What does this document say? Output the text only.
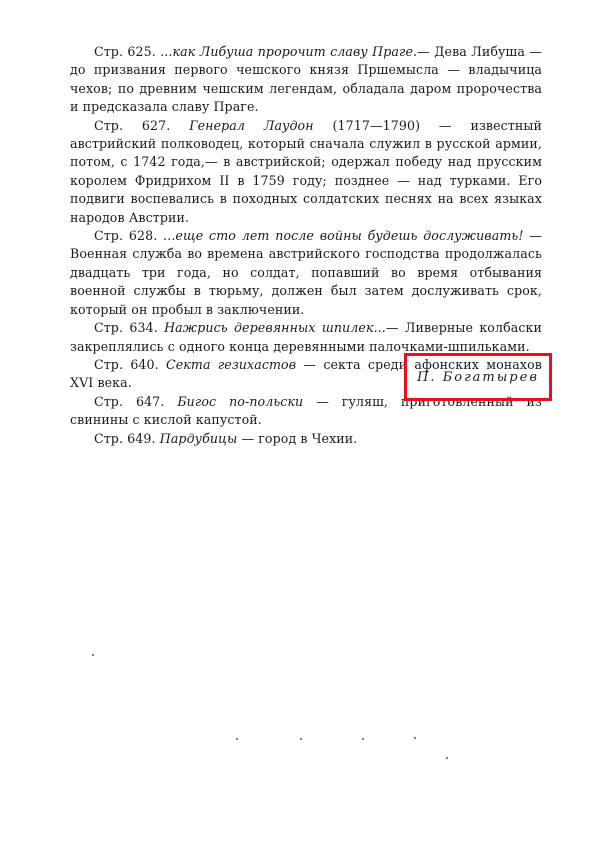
Стр. 625. ...как Либуша пророчит славу Праге.— Дева Либуша — до призвания первого чешского князя Пршемысла — владычица чехов; по древним чешским легендам, обладала даром пророчества и предсказала славу Праге.

Стр. 627. Генерал Лаудон (1717—1790) — известный австрийский полководец, который сначала служил в русской армии, потом, с 1742 года,— в австрийской; одержал победу над прусским королем Фридрихом II в 1759 году; позднее — над турками. Его подвиги воспевались в походных солдатских песнях на всех языках народов Австрии.

Стр. 628. ...еще сто лет после войны будешь дослуживать! — Военная служба во времена австрийского господства продолжалась двадцать три года, но солдат, попавший во время отбывания военной службы в тюрьму, должен был затем дослуживать срок, который он пробыл в заключении.

Стр. 634. Нажрись деревянных шпилек...— Ливерные колбаски закреплялись с одного конца деревянными палочками-шпильками.

Стр. 640. Секта гезихастов — секта среди афонских монахов XVI века.

Стр. 647. Бигос по-польски — гуляш, приготовленный из свинины с кислой капустой.

Стр. 649. Пардубицы — город в Чехии.

П. Богатырев
